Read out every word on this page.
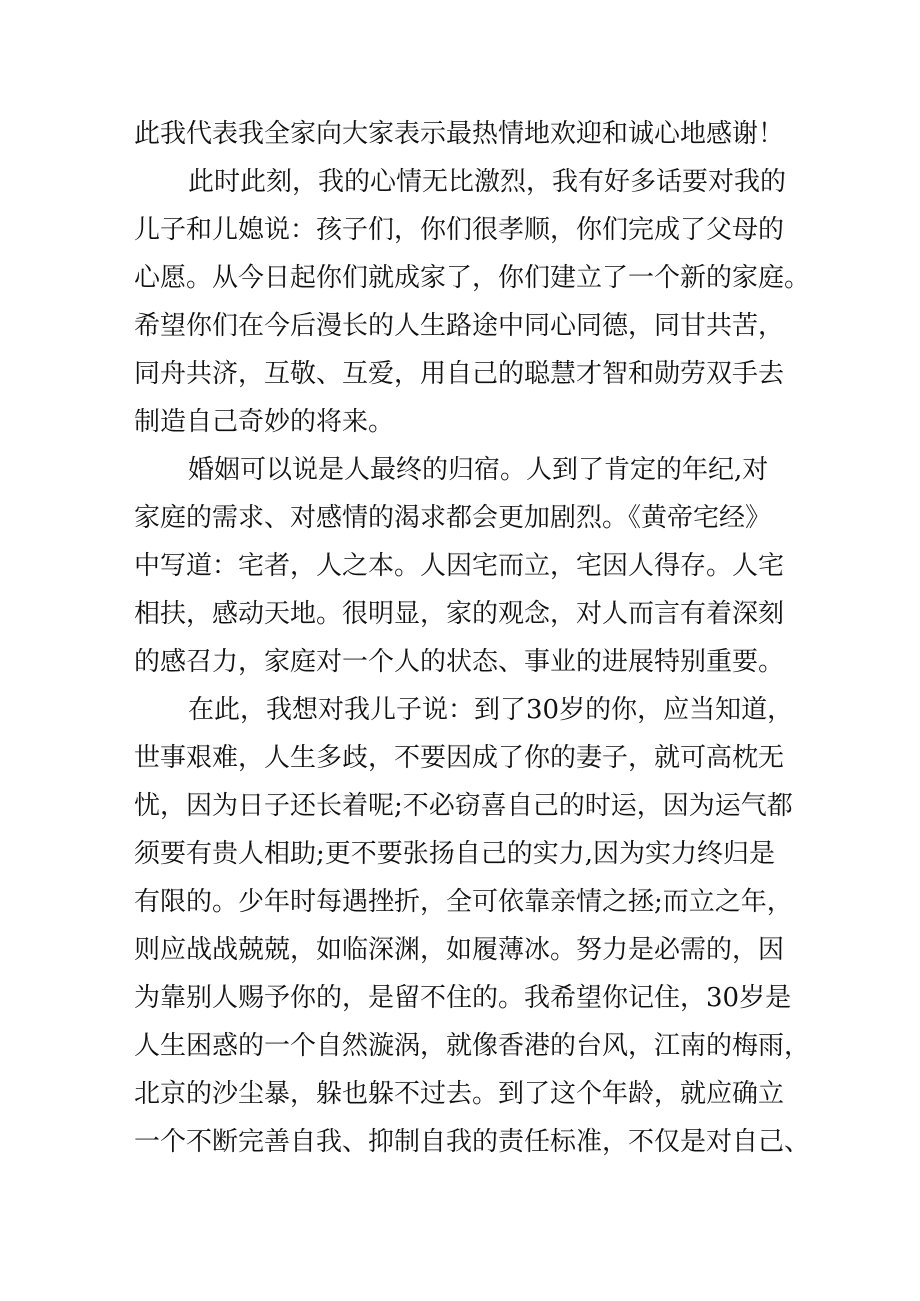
此我代表我全家向大家表示最热情地欢迎和诚心地感谢！
此时此刻，我的心情无比激烈，我有好多话要对我的
儿子和儿媳说：孩子们，你们很孝顺，你们完成了父母的
心愿。从今日起你们就成家了，你们建立了一个新的家庭。
希望你们在今后漫长的人生路途中同心同德，同甘共苦，
同舟共济，互敬、互爱，用自己的聪慧才智和勋劳双手去
制造自己奇妙的将来。
婚姻可以说是人最终的归宿。人到了肯定的年纪,对
家庭的需求、对感情的渴求都会更加剧烈。《黄帝宅经》
中写道：宅者，人之本。人因宅而立，宅因人得存。人宅
相扶，感动天地。很明显，家的观念，对人而言有着深刻
的感召力，家庭对一个人的状态、事业的进展特别重要。
在此，我想对我儿子说：到了30岁的你，应当知道，
世事艰难，人生多歧，不要因成了你的妻子，就可高枕无
忧，因为日子还长着呢;不必窃喜自己的时运，因为运气都
须要有贵人相助;更不要张扬自己的实力,因为实力终归是
有限的。少年时每遇挫折，全可依靠亲情之拯;而立之年，
则应战战兢兢，如临深渊，如履薄冰。努力是必需的，因
为靠别人赐予你的，是留不住的。我希望你记住，30岁是
人生困惑的一个自然漩涡，就像香港的台风，江南的梅雨，
北京的沙尘暴，躲也躲不过去。到了这个年龄，就应确立
一个不断完善自我、抑制自我的责任标准，不仅是对自己、
